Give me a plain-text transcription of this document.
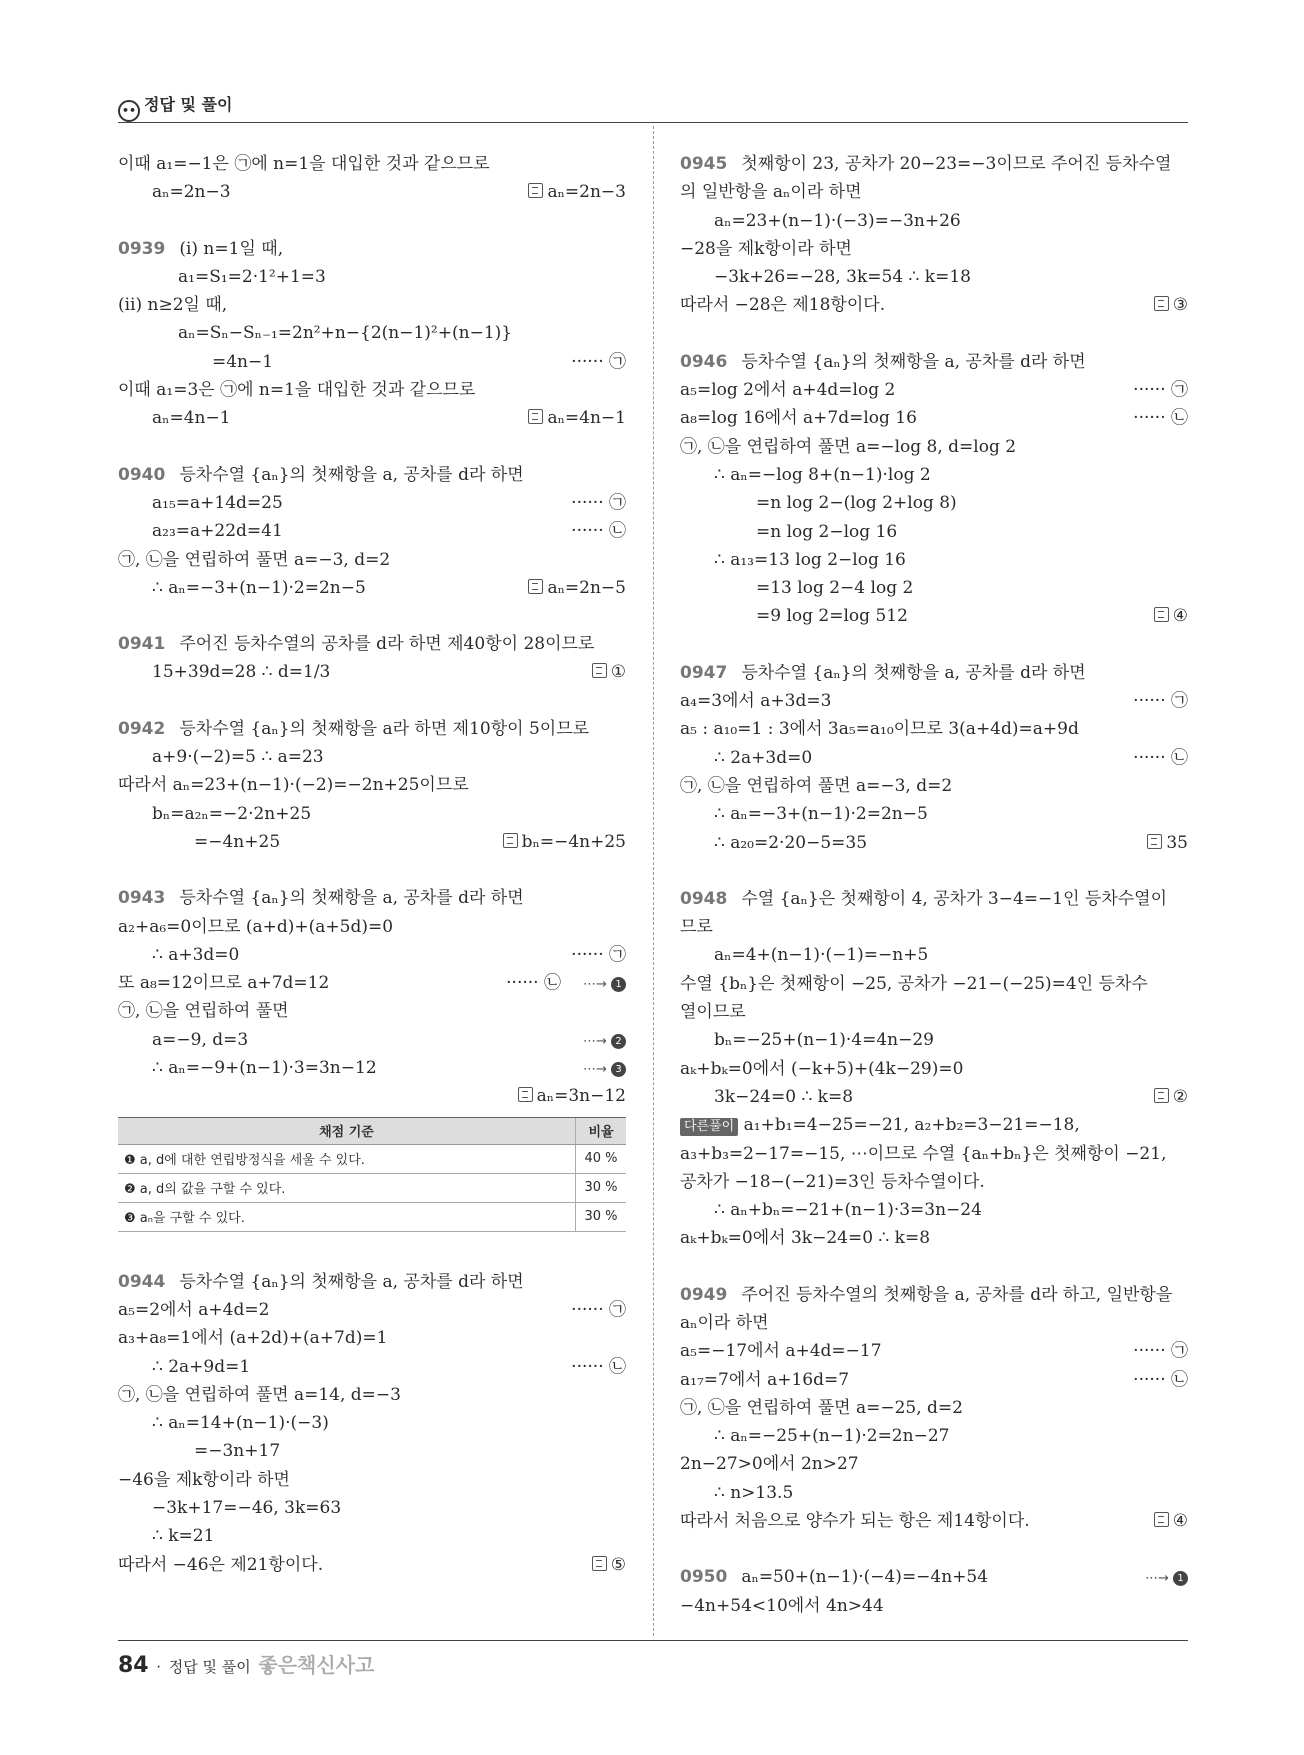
•• 정답 및 풀이
이때 a₁=−1은 ㉠에 n=1을 대입한 것과 같으므로
aₙ=2n−3	aₙ=2n−3
0939 (ⅰ) n=1일 때,
a₁=S₁=2·1²+1=3
(ⅱ) n≥2일 때,
aₙ=Sₙ−Sₙ₋₁=2n²+n−{2(n−1)²+(n−1)}
=4n−1	······ ㉠
이때 a₁=3은 ㉠에 n=1을 대입한 것과 같으므로
aₙ=4n−1	aₙ=4n−1
0940 등차수열 {aₙ}의 첫째항을 a, 공차를 d라 하면
a₁₅=a+14d=25	······ ㉠
a₂₃=a+22d=41	······ ㉡
㉠, ㉡을 연립하여 풀면 a=−3, d=2
∴ aₙ=−3+(n−1)·2=2n−5	aₙ=2n−5
0941 주어진 등차수열의 공차를 d라 하면 제40항이 28이므로
15+39d=28 ∴ d=1/3	①
0942 등차수열 {aₙ}의 첫째항을 a라 하면 제10항이 5이므로
a+9·(−2)=5 ∴ a=23
따라서 aₙ=23+(n−1)·(−2)=−2n+25이므로
bₙ=a₂ₙ=−2·2n+25
=−4n+25	bₙ=−4n+25
0943 등차수열 {aₙ}의 첫째항을 a, 공차를 d라 하면
a₂+a₆=0이므로 (a+d)+(a+5d)=0
∴ a+3d=0	······ ㉠
또 a₈=12이므로 a+7d=12	······ ㉡ ⋯→ 1
㉠, ㉡을 연립하여 풀면
a=−9, d=3	⋯→ 2
∴ aₙ=−9+(n−1)·3=3n−12	⋯→ 3
aₙ=3n−12
채점 기준	비율
❶ a, d에 대한 연립방정식을 세울 수 있다.	40 %
❷ a, d의 값을 구할 수 있다.	30 %
❸ aₙ을 구할 수 있다.	30 %
0944 등차수열 {aₙ}의 첫째항을 a, 공차를 d라 하면
a₅=2에서 a+4d=2	······ ㉠
a₃+a₈=1에서 (a+2d)+(a+7d)=1
∴ 2a+9d=1	······ ㉡
㉠, ㉡을 연립하여 풀면 a=14, d=−3
∴ aₙ=14+(n−1)·(−3)
=−3n+17
−46을 제k항이라 하면
−3k+17=−46, 3k=63
∴ k=21
따라서 −46은 제21항이다.	⑤
0945 첫째항이 23, 공차가 20−23=−3이므로 주어진 등차수열
의 일반항을 aₙ이라 하면
aₙ=23+(n−1)·(−3)=−3n+26
−28을 제k항이라 하면
−3k+26=−28, 3k=54 ∴ k=18
따라서 −28은 제18항이다.	③
0946 등차수열 {aₙ}의 첫째항을 a, 공차를 d라 하면
a₅=log 2에서 a+4d=log 2	······ ㉠
a₈=log 16에서 a+7d=log 16	······ ㉡
㉠, ㉡을 연립하여 풀면 a=−log 8, d=log 2
∴ aₙ=−log 8+(n−1)·log 2
=n log 2−(log 2+log 8)
=n log 2−log 16
∴ a₁₃=13 log 2−log 16
=13 log 2−4 log 2
=9 log 2=log 512	④
0947 등차수열 {aₙ}의 첫째항을 a, 공차를 d라 하면
a₄=3에서 a+3d=3	······ ㉠
a₅ : a₁₀=1 : 3에서 3a₅=a₁₀이므로 3(a+4d)=a+9d
∴ 2a+3d=0	······ ㉡
㉠, ㉡을 연립하여 풀면 a=−3, d=2
∴ aₙ=−3+(n−1)·2=2n−5
∴ a₂₀=2·20−5=35	35
0948 수열 {aₙ}은 첫째항이 4, 공차가 3−4=−1인 등차수열이
므로
aₙ=4+(n−1)·(−1)=−n+5
수열 {bₙ}은 첫째항이 −25, 공차가 −21−(−25)=4인 등차수
열이므로
bₙ=−25+(n−1)·4=4n−29
aₖ+bₖ=0에서 (−k+5)+(4k−29)=0
3k−24=0 ∴ k=8	②
다른풀이 a₁+b₁=4−25=−21, a₂+b₂=3−21=−18,
a₃+b₃=2−17=−15, ⋯이므로 수열 {aₙ+bₙ}은 첫째항이 −21,
공차가 −18−(−21)=3인 등차수열이다.
∴ aₙ+bₙ=−21+(n−1)·3=3n−24
aₖ+bₖ=0에서 3k−24=0 ∴ k=8
0949 주어진 등차수열의 첫째항을 a, 공차를 d라 하고, 일반항을
aₙ이라 하면
a₅=−17에서 a+4d=−17	······ ㉠
a₁₇=7에서 a+16d=7	······ ㉡
㉠, ㉡을 연립하여 풀면 a=−25, d=2
∴ aₙ=−25+(n−1)·2=2n−27
2n−27>0에서 2n>27
∴ n>13.5
따라서 처음으로 양수가 되는 항은 제14항이다.	④
0950 aₙ=50+(n−1)·(−4)=−4n+54	⋯→ 1
−4n+54<10에서 4n>44
84 · 정답 및 풀이 좋은책신사고
